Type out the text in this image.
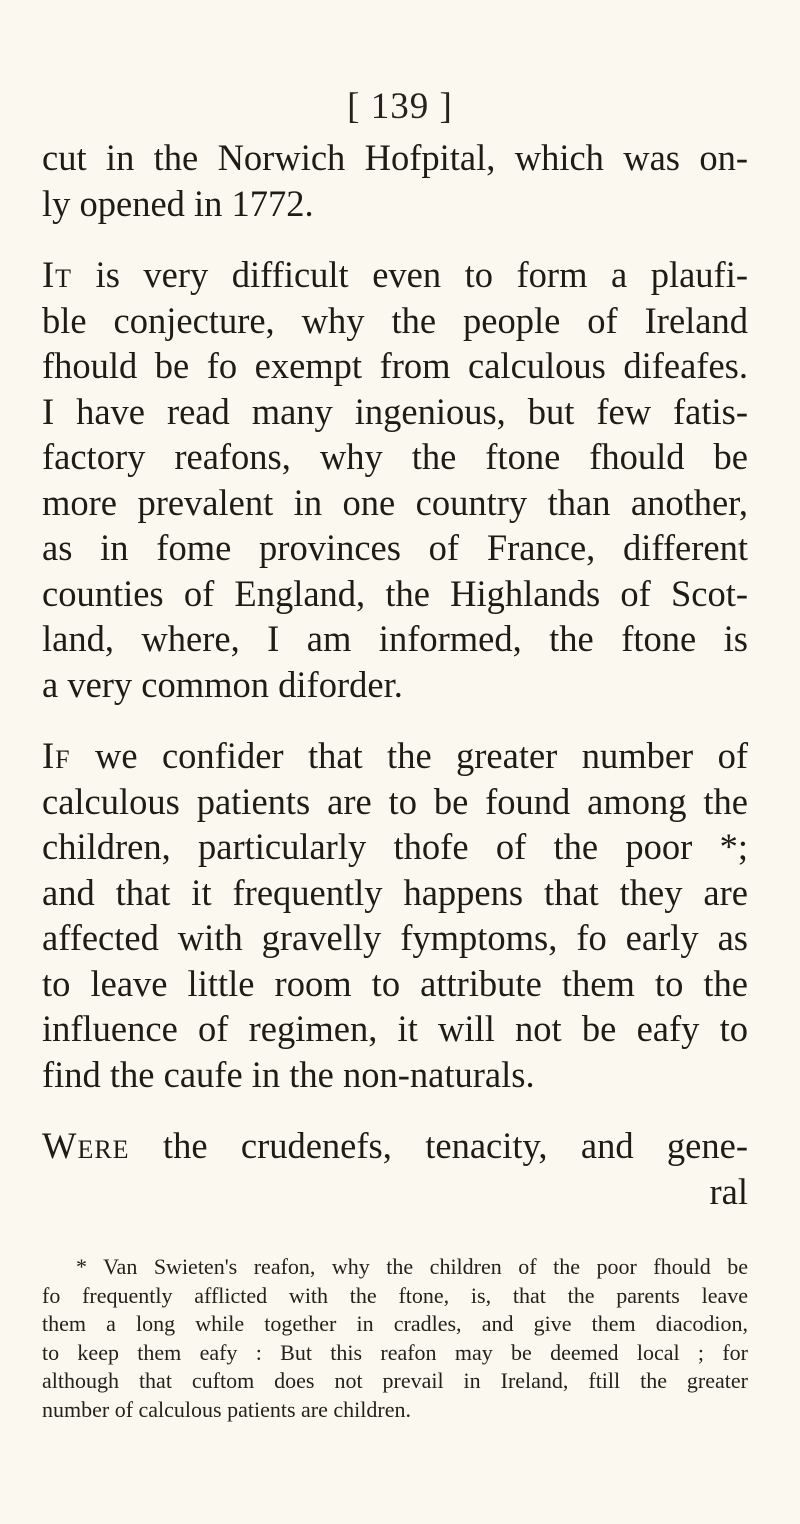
[ 139 ]
cut in the Norwich Hofpital, which was on-
ly opened in 1772.
It is very difficult even to form a plaufi-
ble conjecture, why the people of Ireland
fhould be fo exempt from calculous difeafes.
I have read many ingenious, but few fatis-
factory reafons, why the ftone fhould be
more prevalent in one country than another,
as in fome provinces of France, different
counties of England, the Highlands of Scot-
land, where, I am informed, the ftone is
a very common diforder.
If we confider that the greater number of
calculous patients are to be found among the
children, particularly thofe of the poor *;
and that it frequently happens that they are
affected with gravelly fymptoms, fo early as
to leave little room to attribute them to the
influence of regimen, it will not be eafy to
find the caufe in the non-naturals.
Were the crudenefs, tenacity, and gene-
ral
* Van Swieten's reafon, why the children of the poor fhould be
fo frequently afflicted with the ftone, is, that the parents leave
them a long while together in cradles, and give them diacodion,
to keep them eafy : But this reafon may be deemed local ; for
although that cuftom does not prevail in Ireland, ftill the greater
number of calculous patients are children.
